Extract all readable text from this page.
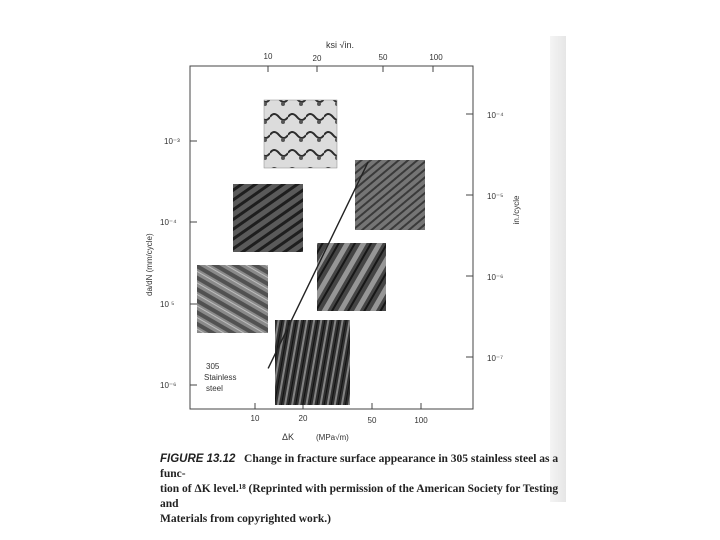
ksi √in.
10	20	50	100
10	20	50	100
ΔK	(MPa√m)
10⁻³
10⁻⁴
10 ⁵
10⁻⁶
da/dN (mm/cycle)
10⁻⁴
10⁻⁵
10⁻⁶
10⁻⁷
in./cycle
305
Stainless
steel
FIGURE 13.12 Change in fracture surface appearance in 305 stainless steel as a func-
tion of ΔK level.¹⁸ (Reprinted with permission of the American Society for Testing and
Materials from copyrighted work.)
